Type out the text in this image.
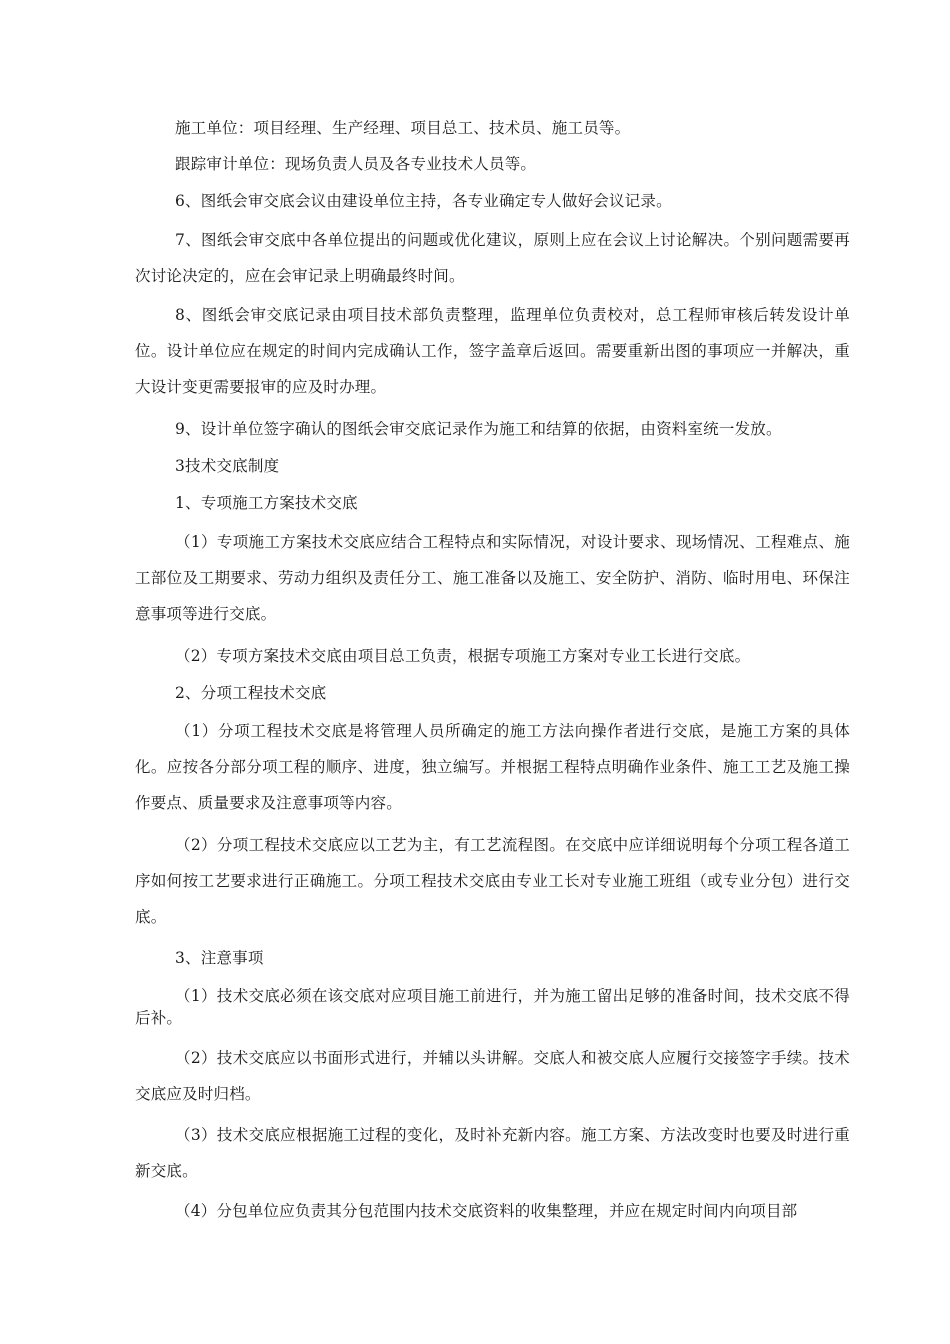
施工单位：项目经理、生产经理、项目总工、技术员、施工员等。

跟踪审计单位：现场负责人员及各专业技术人员等。

6、图纸会审交底会议由建设单位主持，各专业确定专人做好会议记录。

7、图纸会审交底中各单位提出的问题或优化建议，原则上应在会议上讨论解决。个别问题需要再次讨论决定的，应在会审记录上明确最终时间。

8、图纸会审交底记录由项目技术部负责整理，监理单位负责校对，总工程师审核后转发设计单位。设计单位应在规定的时间内完成确认工作，签字盖章后返回。需要重新出图的事项应一并解决，重大设计变更需要报审的应及时办理。

9、设计单位签字确认的图纸会审交底记录作为施工和结算的依据，由资料室统一发放。

3技术交底制度

1、专项施工方案技术交底

（1）专项施工方案技术交底应结合工程特点和实际情况，对设计要求、现场情况、工程难点、施工部位及工期要求、劳动力组织及责任分工、施工准备以及施工、安全防护、消防、临时用电、环保注意事项等进行交底。

（2）专项方案技术交底由项目总工负责，根据专项施工方案对专业工长进行交底。

2、分项工程技术交底

（1）分项工程技术交底是将管理人员所确定的施工方法向操作者进行交底，是施工方案的具体化。应按各分部分项工程的顺序、进度，独立编写。并根据工程特点明确作业条件、施工工艺及施工操作要点、质量要求及注意事项等内容。

（2）分项工程技术交底应以工艺为主，有工艺流程图。在交底中应详细说明每个分项工程各道工序如何按工艺要求进行正确施工。分项工程技术交底由专业工长对专业施工班组（或专业分包）进行交底。

3、注意事项

（1）技术交底必须在该交底对应项目施工前进行，并为施工留出足够的准备时间，技术交底不得后补。

（2）技术交底应以书面形式进行，并辅以头讲解。交底人和被交底人应履行交接签字手续。技术交底应及时归档。

（3）技术交底应根据施工过程的变化，及时补充新内容。施工方案、方法改变时也要及时进行重新交底。

（4）分包单位应负责其分包范围内技术交底资料的收集整理，并应在规定时间内向项目部
